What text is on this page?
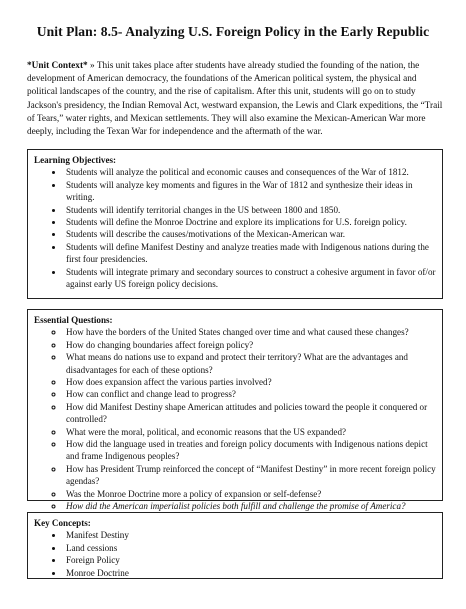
Unit Plan: 8.5- Analyzing U.S. Foreign Policy in the Early Republic
*Unit Context* » This unit takes place after students have already studied the founding of the nation, the development of American democracy, the foundations of the American political system, the physical and political landscapes of the country, and the rise of capitalism. After this unit, students will go on to study Jackson's presidency, the Indian Removal Act, westward expansion, the Lewis and Clark expeditions, the “Trail of Tears,” water rights, and Mexican settlements. They will also examine the Mexican-American War more deeply, including the Texan War for independence and the aftermath of the war.
Learning Objectives:
• Students will analyze the political and economic causes and consequences of the War of 1812.
• Students will analyze key moments and figures in the War of 1812 and synthesize their ideas in writing.
• Students will identify territorial changes in the US between 1800 and 1850.
• Students will define the Monroe Doctrine and explore its implications for U.S. foreign policy.
• Students will describe the causes/motivations of the Mexican-American war.
• Students will define Manifest Destiny and analyze treaties made with Indigenous nations during the first four presidencies.
• Students will integrate primary and secondary sources to construct a cohesive argument in favor of/or against early US foreign policy decisions.
Essential Questions:
◦ How have the borders of the United States changed over time and what caused these changes?
◦ How do changing boundaries affect foreign policy?
◦ What means do nations use to expand and protect their territory? What are the advantages and disadvantages for each of these options?
◦ How does expansion affect the various parties involved?
◦ How can conflict and change lead to progress?
◦ How did Manifest Destiny shape American attitudes and policies toward the people it conquered or controlled?
◦ What were the moral, political, and economic reasons that the US expanded?
◦ How did the language used in treaties and foreign policy documents with Indigenous nations depict and frame Indigenous peoples?
◦ How has President Trump reinforced the concept of “Manifest Destiny” in more recent foreign policy agendas?
◦ Was the Monroe Doctrine more a policy of expansion or self-defense?
◦ How did the American imperialist policies both fulfill and challenge the promise of America?
Key Concepts:
• Manifest Destiny
• Land cessions
• Foreign Policy
• Monroe Doctrine
